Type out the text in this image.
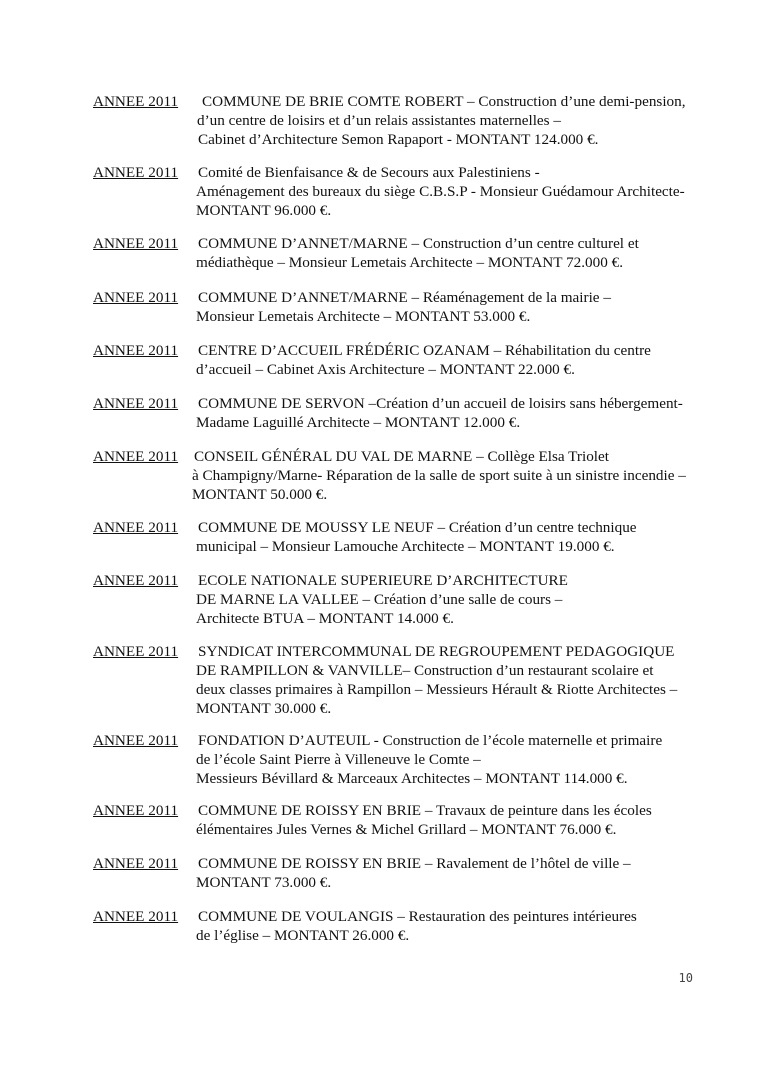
ANNEE 2011 COMMUNE DE BRIE COMTE ROBERT – Construction d’une demi-pension,
d’un centre de loisirs et d’un relais assistantes maternelles –
Cabinet d’Architecture Semon Rapaport - MONTANT 124.000 €.
ANNEE 2011 Comité de Bienfaisance & de Secours aux Palestiniens -
Aménagement des bureaux du siège C.B.S.P - Monsieur Guédamour Architecte-
MONTANT 96.000 €.
ANNEE 2011 COMMUNE D’ANNET/MARNE – Construction d’un centre culturel et
médiathèque – Monsieur Lemetais Architecte – MONTANT 72.000 €.
ANNEE 2011 COMMUNE D’ANNET/MARNE – Réaménagement de la mairie –
Monsieur Lemetais Architecte – MONTANT 53.000 €.
ANNEE 2011 CENTRE D’ACCUEIL FRÉDÉRIC OZANAM – Réhabilitation du centre
d’accueil – Cabinet Axis Architecture – MONTANT 22.000 €.
ANNEE 2011 COMMUNE DE SERVON –Création d’un accueil de loisirs sans hébergement-
Madame Laguillé Architecte – MONTANT 12.000 €.
ANNEE 2011 CONSEIL GÉNÉRAL DU VAL DE MARNE – Collège Elsa Triolet
à Champigny/Marne- Réparation de la salle de sport suite à un sinistre incendie –
MONTANT 50.000 €.
ANNEE 2011 COMMUNE DE MOUSSY LE NEUF – Création d’un centre technique
municipal – Monsieur Lamouche Architecte – MONTANT 19.000 €.
ANNEE 2011 ECOLE NATIONALE SUPERIEURE D’ARCHITECTURE
DE MARNE LA VALLEE – Création d’une salle de cours –
Architecte BTUA – MONTANT 14.000 €.
ANNEE 2011 SYNDICAT INTERCOMMUNAL DE REGROUPEMENT PEDAGOGIQUE
DE RAMPILLON & VANVILLE– Construction d’un restaurant scolaire et
deux classes primaires à Rampillon – Messieurs Hérault & Riotte Architectes –
MONTANT 30.000 €.
ANNEE 2011 FONDATION D’AUTEUIL - Construction de l’école maternelle et primaire
de l’école Saint Pierre à Villeneuve le Comte –
Messieurs Bévillard & Marceaux Architectes – MONTANT 114.000 €.
ANNEE 2011 COMMUNE DE ROISSY EN BRIE – Travaux de peinture dans les écoles
élémentaires Jules Vernes & Michel Grillard – MONTANT 76.000 €.
ANNEE 2011 COMMUNE DE ROISSY EN BRIE – Ravalement de l’hôtel de ville –
MONTANT 73.000 €.
ANNEE 2011 COMMUNE DE VOULANGIS – Restauration des peintures intérieures
de l’église – MONTANT 26.000 €.
10
